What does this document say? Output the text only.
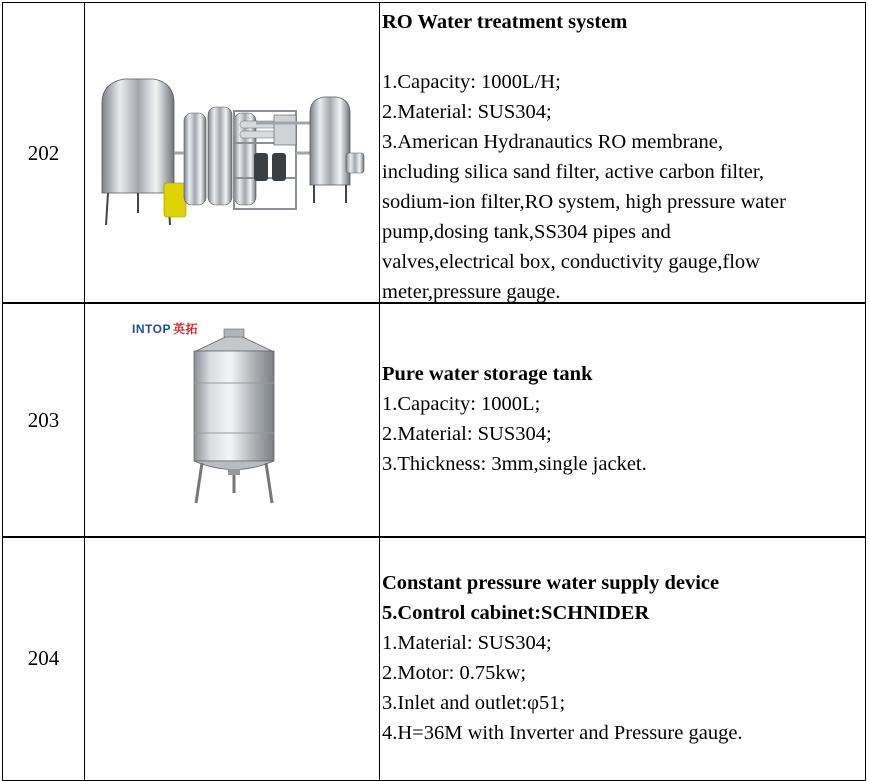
202
RO Water treatment system
1.Capacity: 1000L/H;
2.Material: SUS304;
3.American Hydranautics RO membrane,
including silica sand filter, active carbon filter,
sodium-ion filter,RO system, high pressure water
pump,dosing tank,SS304 pipes and
valves,electrical box, conductivity gauge,flow
meter,pressure gauge.
203
INTOP 英拓
Pure water storage tank
1.Capacity: 1000L;
2.Material: SUS304;
3.Thickness: 3mm,single jacket.
204
Constant pressure water supply device
5.Control cabinet:SCHNIDER
1.Material: SUS304;
2.Motor: 0.75kw;
3.Inlet and outlet:φ51;
4.H=36M with Inverter and Pressure gauge.
